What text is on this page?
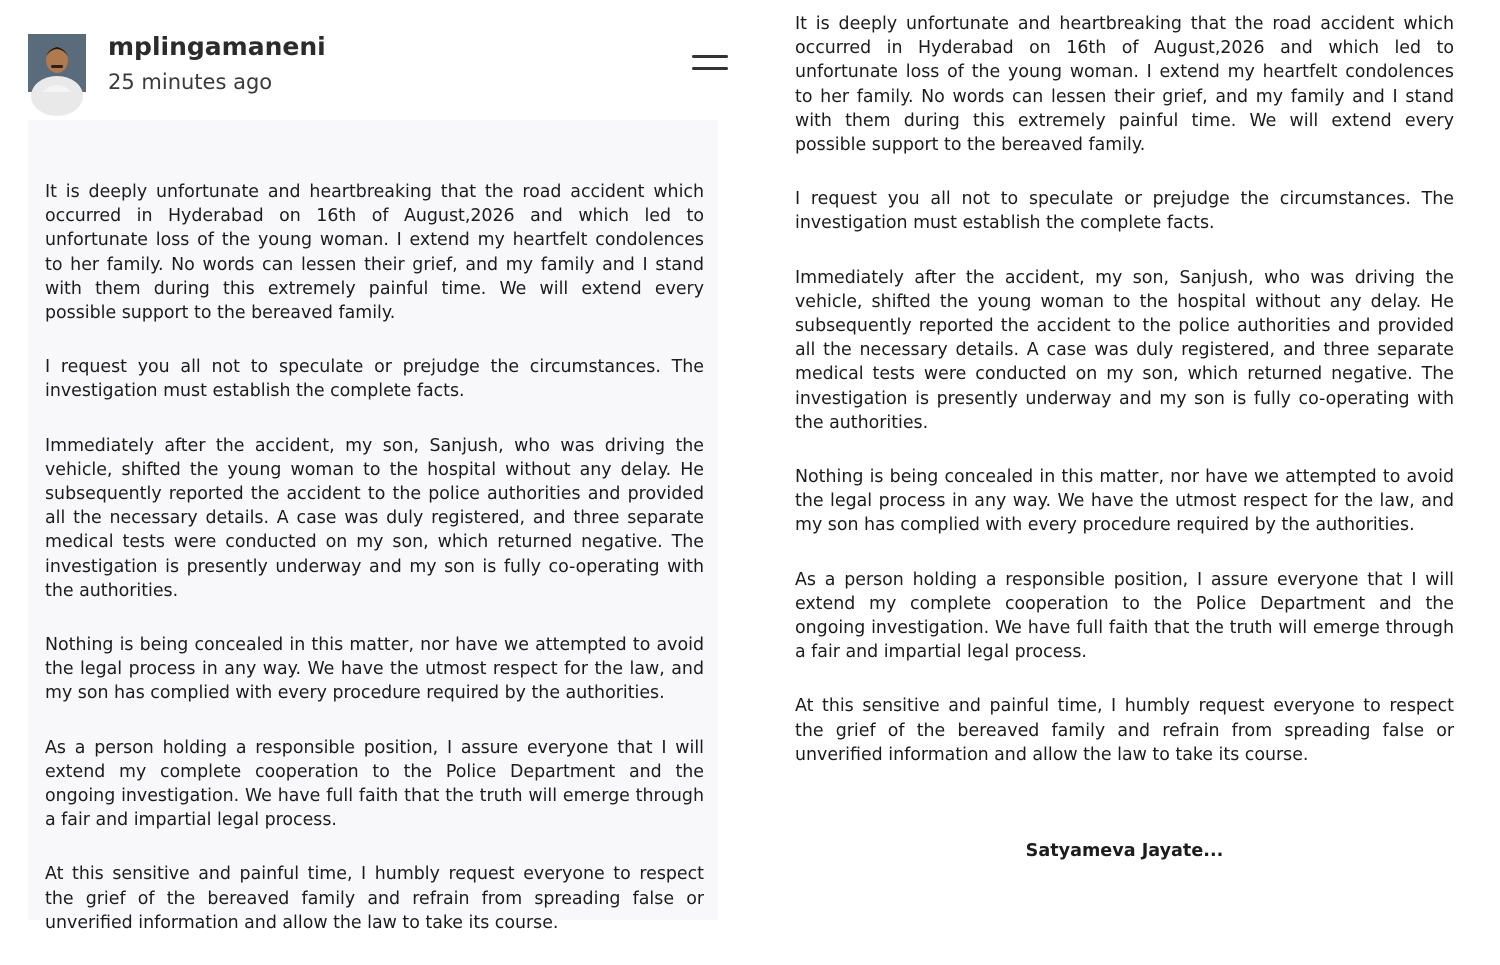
mplingamaneni
25 minutes ago

It is deeply unfortunate and heartbreaking that the road accident which occurred in Hyderabad on 16th of August,2026 and which led to unfortunate loss of the young woman. I extend my heartfelt condolences to her family. No words can lessen their grief, and my family and I stand with them during this extremely painful time. We will extend every possible support to the bereaved family.

I request you all not to speculate or prejudge the circumstances. The investigation must establish the complete facts.

Immediately after the accident, my son, Sanjush, who was driving the vehicle, shifted the young woman to the hospital without any delay. He subsequently reported the accident to the police authorities and provided all the necessary details. A case was duly registered, and three separate medical tests were conducted on my son, which returned negative. The investigation is presently underway and my son is fully co-operating with the authorities.

Nothing is being concealed in this matter, nor have we attempted to avoid the legal process in any way. We have the utmost respect for the law, and my son has complied with every procedure required by the authorities.

As a person holding a responsible position, I assure everyone that I will extend my complete cooperation to the Police Department and the ongoing investigation. We have full faith that the truth will emerge through a fair and impartial legal process.

At this sensitive and painful time, I humbly request everyone to respect the grief of the bereaved family and refrain from spreading false or unverified information and allow the law to take its course.

It is deeply unfortunate and heartbreaking that the road accident which occurred in Hyderabad on 16th of August,2026 and which led to unfortunate loss of the young woman. I extend my heartfelt condolences to her family. No words can lessen their grief, and my family and I stand with them during this extremely painful time. We will extend every possible support to the bereaved family.

I request you all not to speculate or prejudge the circumstances. The investigation must establish the complete facts.

Immediately after the accident, my son, Sanjush, who was driving the vehicle, shifted the young woman to the hospital without any delay. He subsequently reported the accident to the police authorities and provided all the necessary details. A case was duly registered, and three separate medical tests were conducted on my son, which returned negative. The investigation is presently underway and my son is fully co-operating with the authorities.

Nothing is being concealed in this matter, nor have we attempted to avoid the legal process in any way. We have the utmost respect for the law, and my son has complied with every procedure required by the authorities.

As a person holding a responsible position, I assure everyone that I will extend my complete cooperation to the Police Department and the ongoing investigation. We have full faith that the truth will emerge through a fair and impartial legal process.

At this sensitive and painful time, I humbly request everyone to respect the grief of the bereaved family and refrain from spreading false or unverified information and allow the law to take its course.

Satyameva Jayate...
